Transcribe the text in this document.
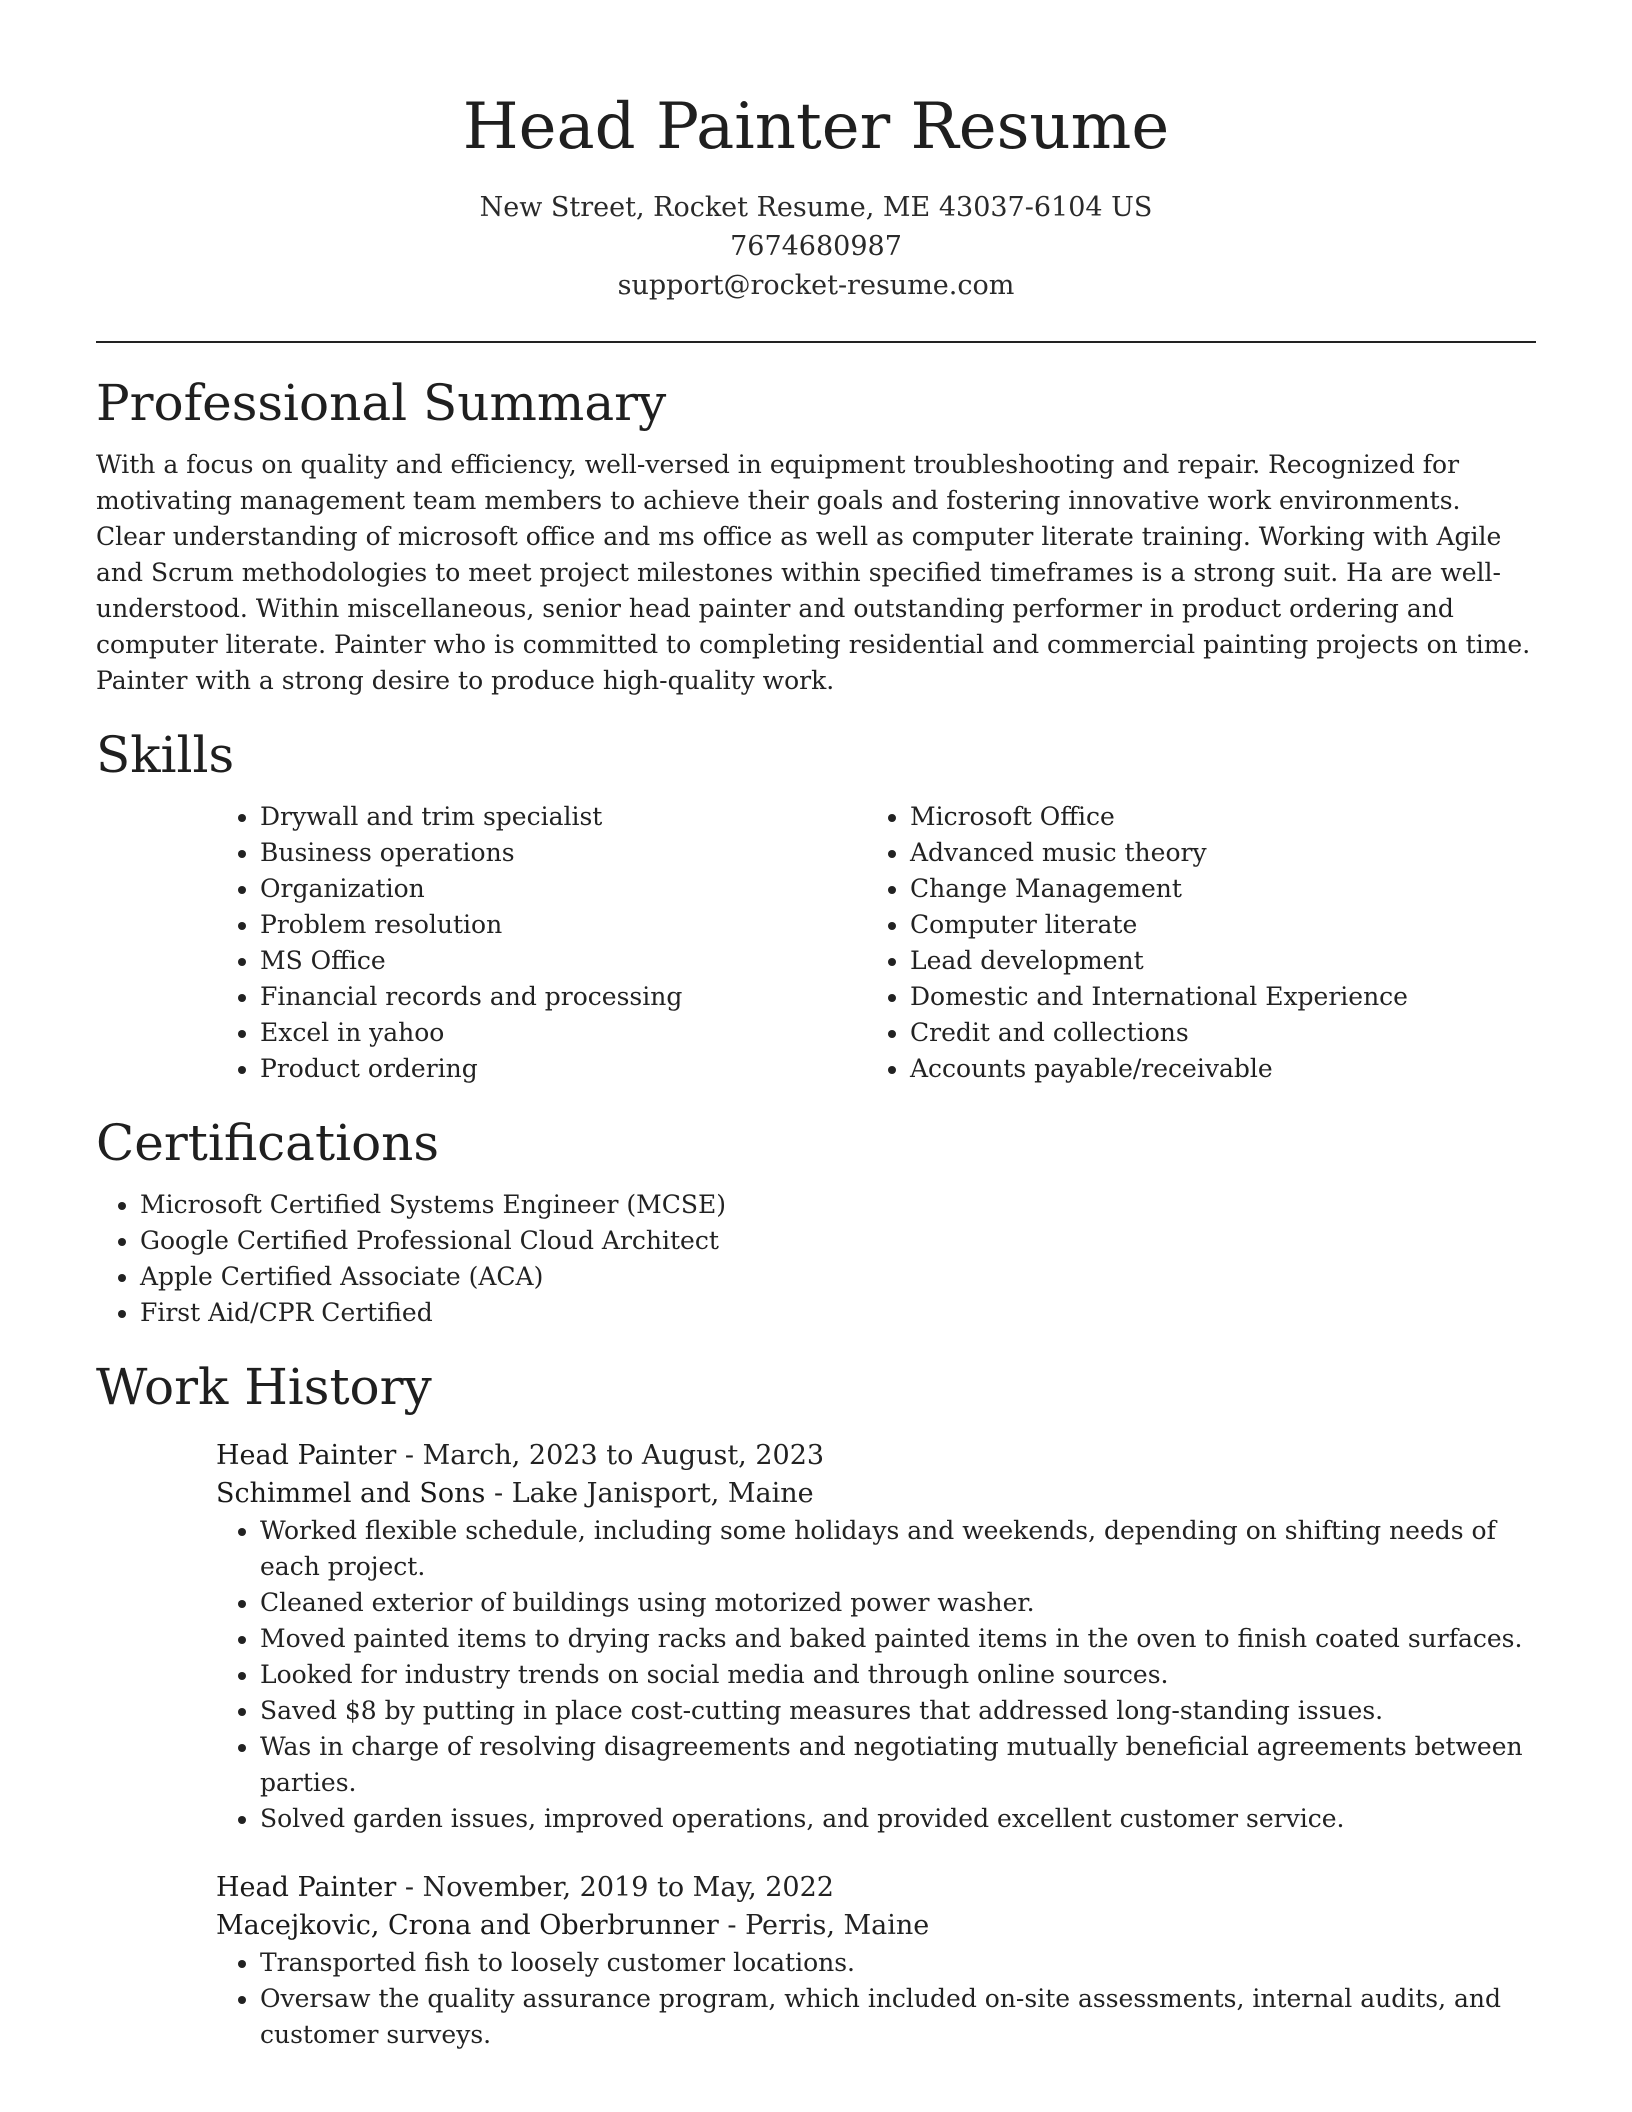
Head Painter Resume

New Street, Rocket Resume, ME 43037-6104 US

7674680987

support@rocket-resume.com

Professional Summary

With a focus on quality and efficiency, well-versed in equipment troubleshooting and repair. Recognized for motivating management team members to achieve their goals and fostering innovative work environments. Clear understanding of microsoft office and ms office as well as computer literate training. Working with Agile and Scrum methodologies to meet project milestones within specified timeframes is a strong suit. Ha are well-understood. Within miscellaneous, senior head painter and outstanding performer in product ordering and computer literate. Painter who is committed to completing residential and commercial painting projects on time. Painter with a strong desire to produce high-quality work.

Skills
• Drywall and trim specialist
• Business operations
• Organization
• Problem resolution
• MS Office
• Financial records and processing
• Excel in yahoo
• Product ordering
• Microsoft Office
• Advanced music theory
• Change Management
• Computer literate
• Lead development
• Domestic and International Experience
• Credit and collections
• Accounts payable/receivable
Certifications
• Microsoft Certified Systems Engineer (MCSE)
• Google Certified Professional Cloud Architect
• Apple Certified Associate (ACA)
• First Aid/CPR Certified
Work History
Head Painter - March, 2023 to August, 2023
Schimmel and Sons - Lake Janisport, Maine
• Worked flexible schedule, including some holidays and weekends, depending on shifting needs of each project.
• Cleaned exterior of buildings using motorized power washer.
• Moved painted items to drying racks and baked painted items in the oven to finish coated surfaces.
• Looked for industry trends on social media and through online sources.
• Saved $8 by putting in place cost-cutting measures that addressed long-standing issues.
• Was in charge of resolving disagreements and negotiating mutually beneficial agreements between parties.
• Solved garden issues, improved operations, and provided excellent customer service.
Head Painter - November, 2019 to May, 2022
Macejkovic, Crona and Oberbrunner - Perris, Maine
• Transported fish to loosely customer locations.
• Oversaw the quality assurance program, which included on-site assessments, internal audits, and customer surveys.
